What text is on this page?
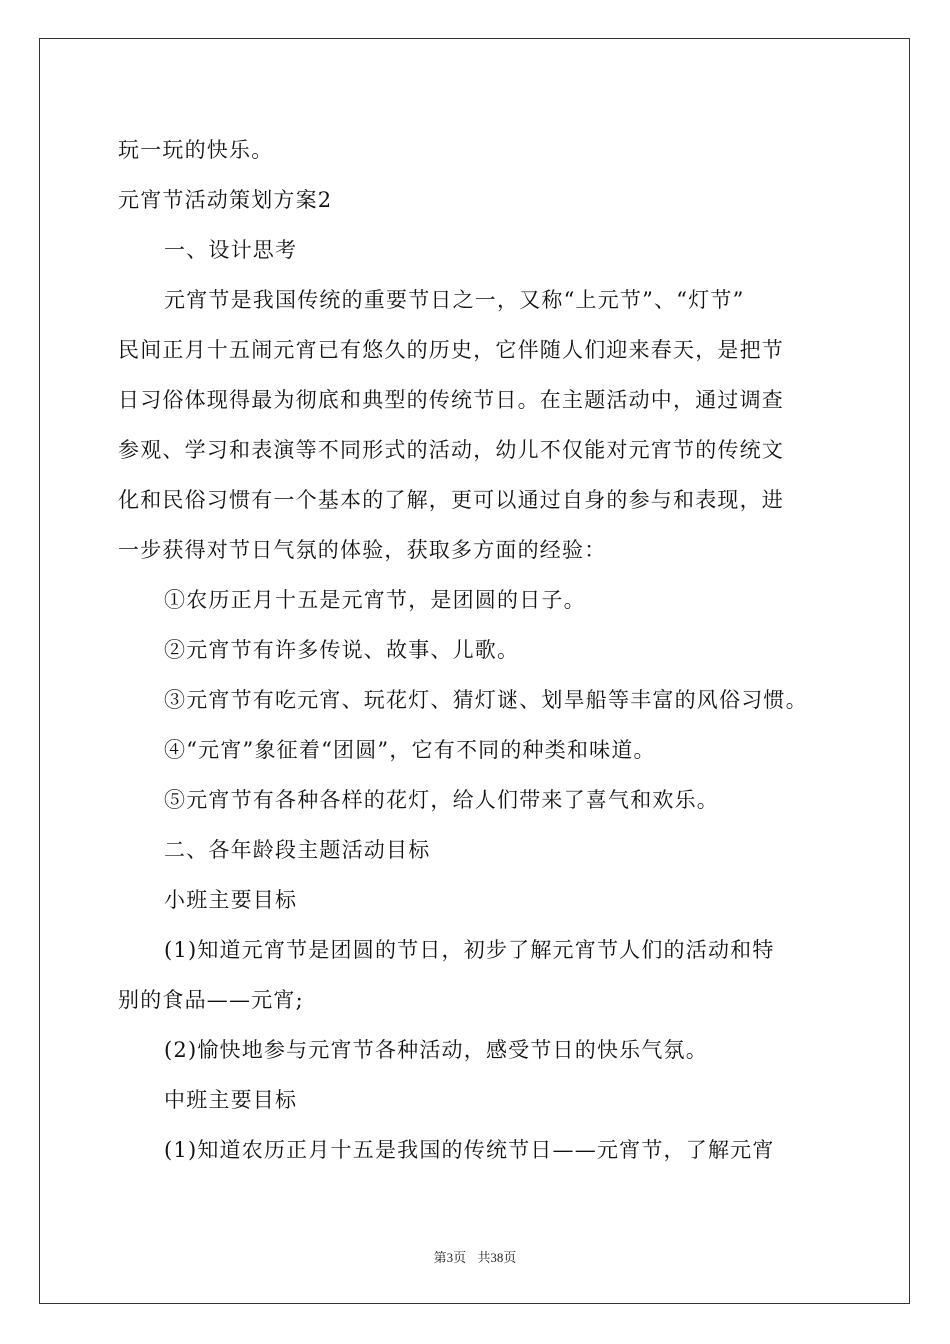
玩一玩的快乐。
元宵节活动策划方案2
一、设计思考
元宵节是我国传统的重要节日之一，又称“上元节”、“灯节”
民间正月十五闹元宵已有悠久的历史，它伴随人们迎来春天，是把节
日习俗体现得最为彻底和典型的传统节日。在主题活动中，通过调查
参观、学习和表演等不同形式的活动，幼儿不仅能对元宵节的传统文
化和民俗习惯有一个基本的了解，更可以通过自身的参与和表现，进
一步获得对节日气氛的体验，获取多方面的经验：
①农历正月十五是元宵节，是团圆的日子。
②元宵节有许多传说、故事、儿歌。
③元宵节有吃元宵、玩花灯、猜灯谜、划旱船等丰富的风俗习惯。
④“元宵”象征着“团圆”，它有不同的种类和味道。
⑤元宵节有各种各样的花灯，给人们带来了喜气和欢乐。
二、各年龄段主题活动目标
小班主要目标
(1)知道元宵节是团圆的节日，初步了解元宵节人们的活动和特
别的食品——元宵;
(2)愉快地参与元宵节各种活动，感受节日的快乐气氛。
中班主要目标
(1)知道农历正月十五是我国的传统节日——元宵节，了解元宵
第3页 共38页
